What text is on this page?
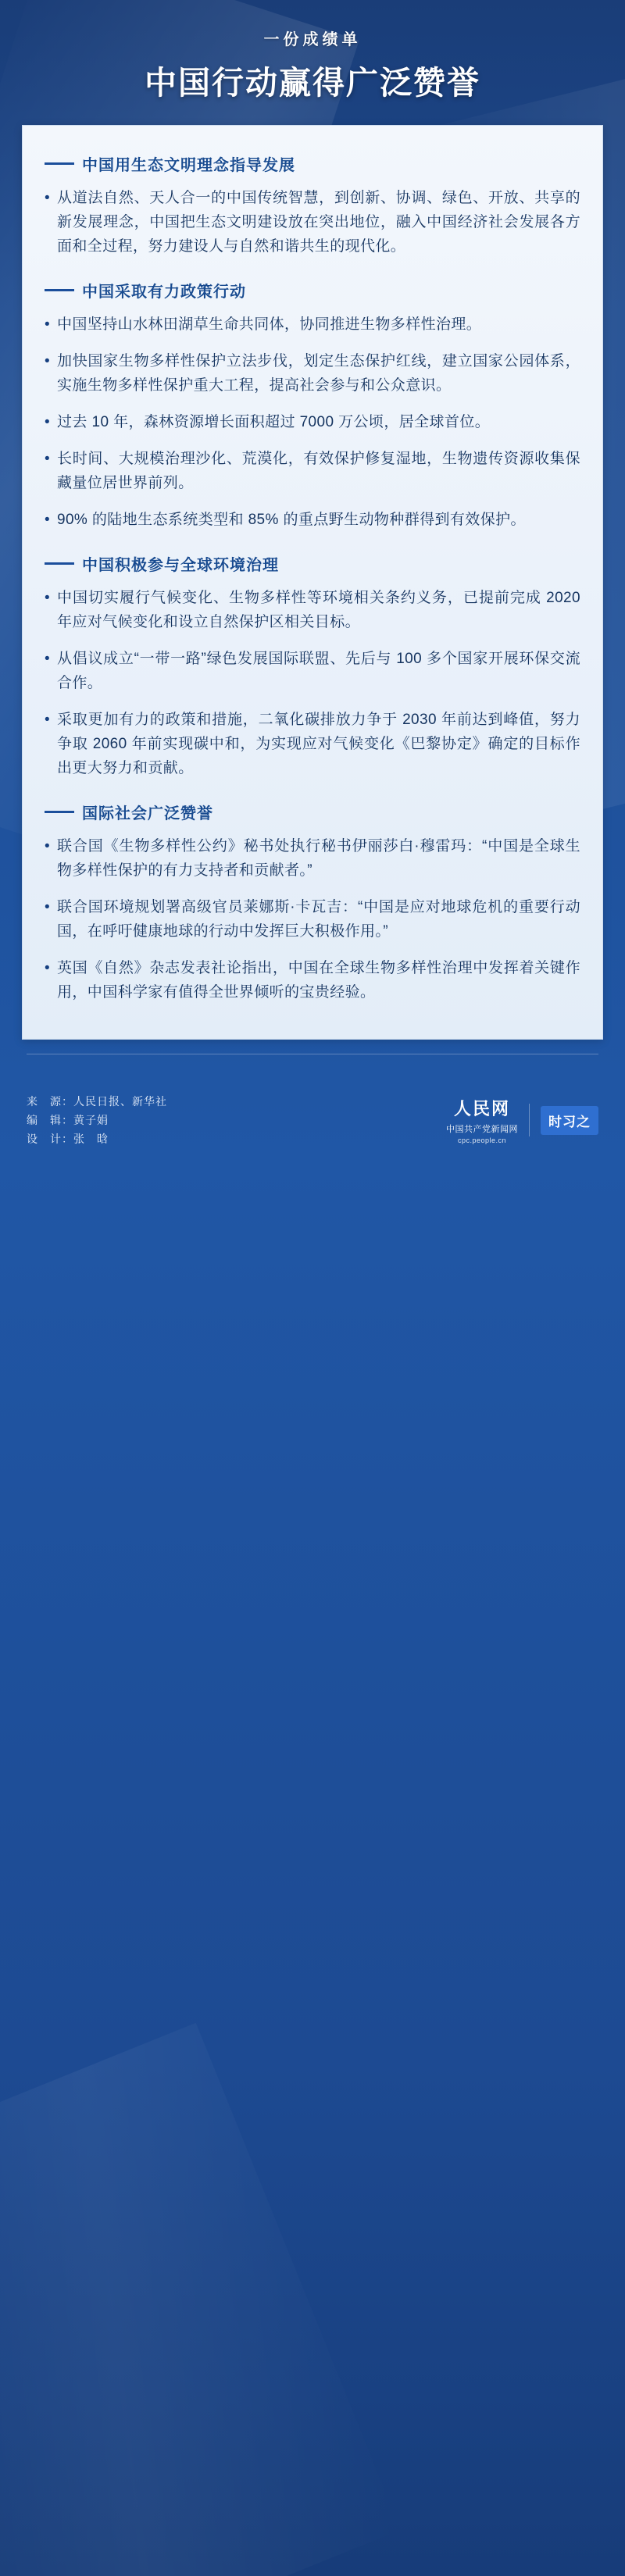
一份成绩单
中国行动赢得广泛赞誉
中国用生态文明理念指导发展
• 从道法自然、天人合一的中国传统智慧，到创新、协调、绿色、开放、共享的新发展理念，中国把生态文明建设放在突出地位，融入中国经济社会发展各方面和全过程，努力建设人与自然和谐共生的现代化。
中国采取有力政策行动
• 中国坚持山水林田湖草生命共同体，协同推进生物多样性治理。
• 加快国家生物多样性保护立法步伐，划定生态保护红线，建立国家公园体系，实施生物多样性保护重大工程，提高社会参与和公众意识。
• 过去 10 年，森林资源增长面积超过 7000 万公顷，居全球首位。
• 长时间、大规模治理沙化、荒漠化，有效保护修复湿地，生物遗传资源收集保藏量位居世界前列。
• 90% 的陆地生态系统类型和 85% 的重点野生动物种群得到有效保护。
中国积极参与全球环境治理
• 中国切实履行气候变化、生物多样性等环境相关条约义务，已提前完成 2020 年应对气候变化和设立自然保护区相关目标。
• 从倡议成立“一带一路”绿色发展国际联盟、先后与 100 多个国家开展环保交流合作。
• 采取更加有力的政策和措施，二氧化碳排放力争于 2030 年前达到峰值，努力争取 2060 年前实现碳中和，为实现应对气候变化《巴黎协定》确定的目标作出更大努力和贡献。
国际社会广泛赞誉
• 联合国《生物多样性公约》秘书处执行秘书伊丽莎白·穆雷玛：“中国是全球生物多样性保护的有力支持者和贡献者。”
• 联合国环境规划署高级官员莱娜斯·卡瓦吉：“中国是应对地球危机的重要行动国，在呼吁健康地球的行动中发挥巨大积极作用。”
• 英国《自然》杂志发表社论指出，中国在全球生物多样性治理中发挥着关键作用，中国科学家有值得全世界倾听的宝贵经验。
来　源：人民日报、新华社
编　辑：黄子娟
设　计：张　晗
人民网
中国共产党新闻网
cpc.people.cn
时习之
